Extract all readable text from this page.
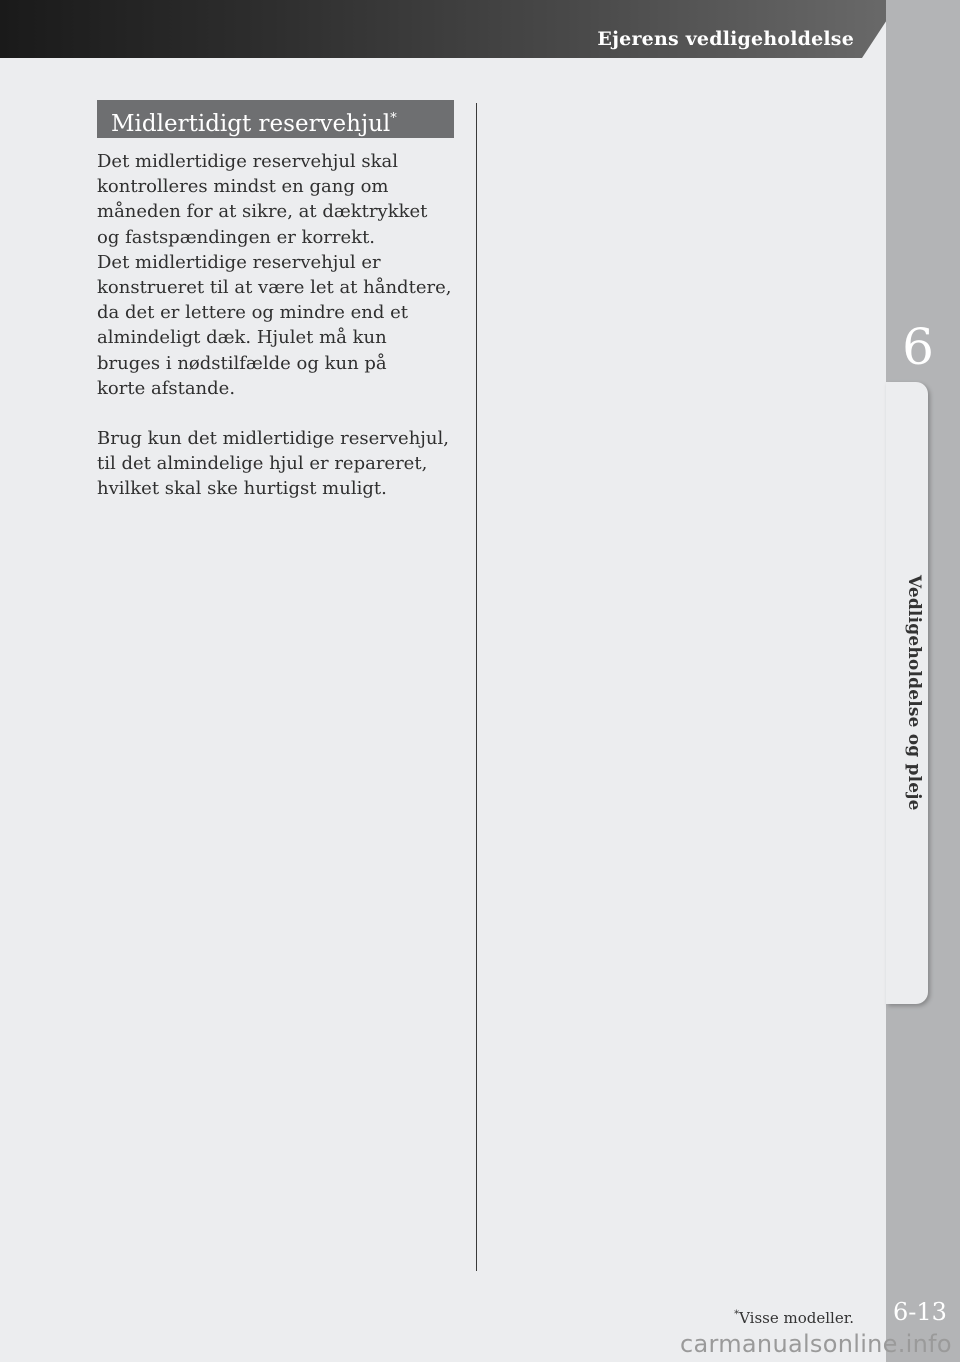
Ejerens vedligeholdelse
6
Vedligeholdelse og pleje
6-13
Midlertidigt reservehjul*
Det midlertidige reservehjul skal
kontrolleres mindst en gang om
måneden for at sikre, at dæktrykket
og fastspændingen er korrekt.
Det midlertidige reservehjul er
konstrueret til at være let at håndtere,
da det er lettere og mindre end et
almindeligt dæk. Hjulet må kun
bruges i nødstilfælde og kun på
korte afstande.
Brug kun det midlertidige reservehjul,
til det almindelige hjul er repareret,
hvilket skal ske hurtigst muligt.
*Visse modeller.
carmanualsonline.info
